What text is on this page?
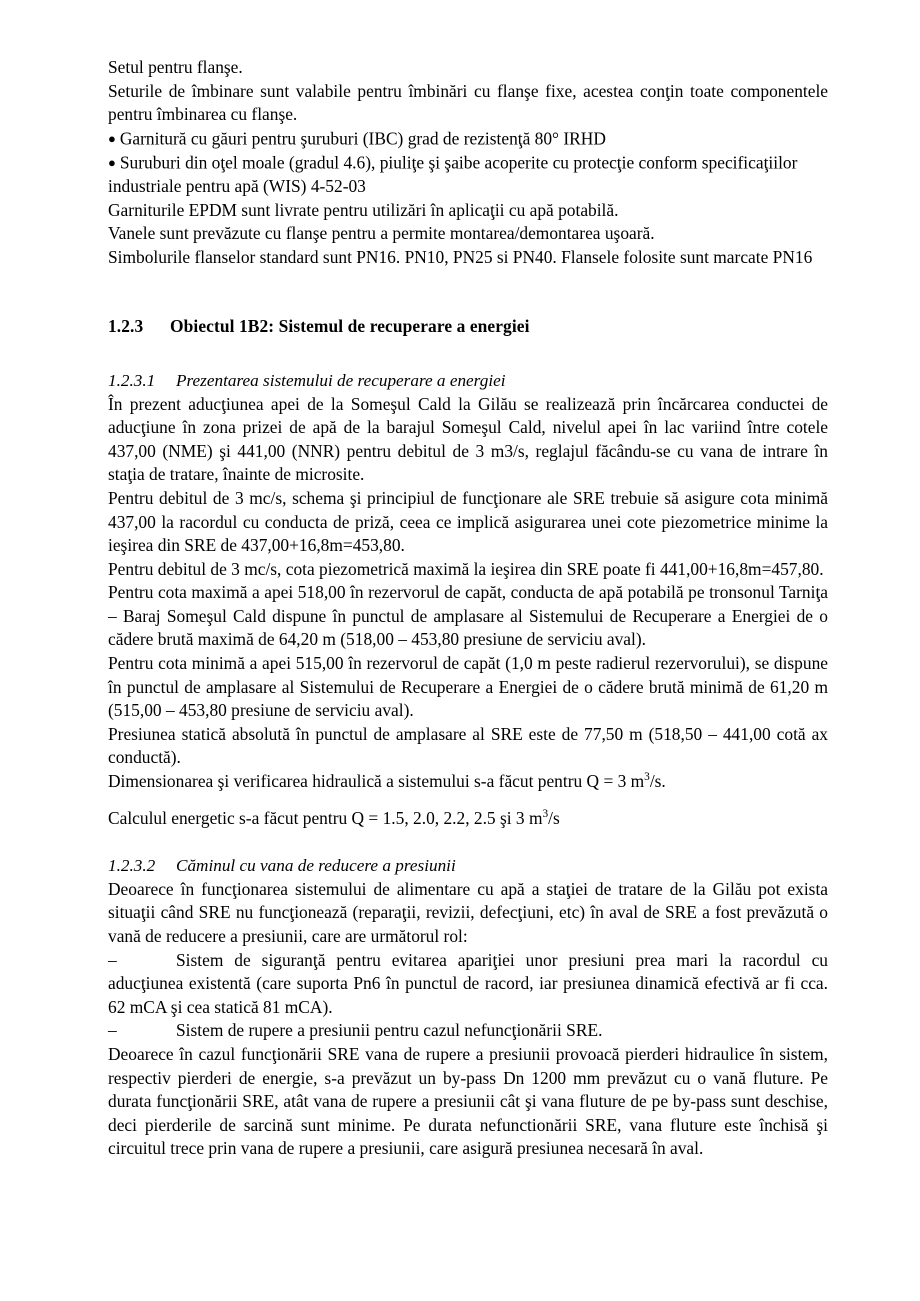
Setul pentru flanşe.

Seturile de îmbinare sunt valabile pentru îmbinări cu flanşe fixe, acestea conţin toate componentele pentru îmbinarea cu flanşe.

● Garnitură cu găuri pentru şuruburi (IBC) grad de rezistenţă 80° IRHD

● Suruburi din oţel moale (gradul 4.6), piuliţe şi şaibe acoperite cu protecţie conform specificaţiilor industriale pentru apă (WIS) 4-52-03

Garniturile EPDM sunt livrate pentru utilizări în aplicaţii cu apă potabilă.

Vanele sunt prevăzute cu flanşe pentru a permite montarea/demontarea uşoară.

Simbolurile flanselor standard sunt PN16. PN10, PN25 si PN40. Flansele folosite sunt marcate PN16

1.2.3 Obiectul 1B2: Sistemul de recuperare a energiei

1.2.3.1 Prezentarea sistemului de recuperare a energiei

În prezent aducţiunea apei de la Someşul Cald la Gilău se realizează prin încărcarea conductei de aducţiune în zona prizei de apă de la barajul Someşul Cald, nivelul apei în lac variind între cotele 437,00 (NME) şi 441,00 (NNR) pentru debitul de 3 m3/s, reglajul făcându-se cu vana de intrare în staţia de tratare, înainte de microsite.

Pentru debitul de 3 mc/s, schema şi principiul de funcţionare ale SRE trebuie să asigure cota minimă 437,00 la racordul cu conducta de priză, ceea ce implică asigurarea unei cote piezometrice minime la ieşirea din SRE de 437,00+16,8m=453,80.

Pentru debitul de 3 mc/s, cota piezometrică maximă la ieşirea din SRE poate fi 441,00+16,8m=457,80.

Pentru cota maximă a apei 518,00 în rezervorul de capăt, conducta de apă potabilă pe tronsonul Tarniţa – Baraj Someşul Cald dispune în punctul de amplasare al Sistemului de Recuperare a Energiei de o cădere brută maximă de 64,20 m (518,00 – 453,80 presiune de serviciu aval).

Pentru cota minimă a apei 515,00 în rezervorul de capăt (1,0 m peste radierul rezervorului), se dispune în punctul de amplasare al Sistemului de Recuperare a Energiei de o cădere brută minimă de 61,20 m (515,00 – 453,80 presiune de serviciu aval).

Presiunea statică absolută în punctul de amplasare al SRE este de 77,50 m (518,50 – 441,00 cotă ax conductă).

Dimensionarea şi verificarea hidraulică a sistemului s-a făcut pentru Q = 3 $m^3/s$.

Calculul energetic s-a făcut pentru Q = 1.5, 2.0, 2.2, 2.5 şi 3 $m^3/s$

1.2.3.2 Căminul cu vana de reducere a presiunii

Deoarece în funcţionarea sistemului de alimentare cu apă a staţiei de tratare de la Gilău pot exista situaţii când SRE nu funcţionează (reparaţii, revizii, defecţiuni, etc) în aval de SRE a fost prevăzută o vană de reducere a presiunii, care are următorul rol:

–	Sistem de siguranţă pentru evitarea apariţiei unor presiuni prea mari la racordul cu aducţiunea existentă (care suporta Pn6 în punctul de racord, iar presiunea dinamică efectivă ar fi cca. 62 mCA şi cea statică 81 mCA).

–	Sistem de rupere a presiunii pentru cazul nefuncţionării SRE.

Deoarece în cazul funcţionării SRE vana de rupere a presiunii provoacă pierderi hidraulice în sistem, respectiv pierderi de energie, s-a prevăzut un by-pass Dn 1200 mm prevăzut cu o vană fluture. Pe durata funcţionării SRE, atât vana de rupere a presiunii cât şi vana fluture de pe by-pass sunt deschise, deci pierderile de sarcină sunt minime. Pe durata nefunctionării SRE, vana fluture este închisă şi circuitul trece prin vana de rupere a presiunii, care asigură presiunea necesară în aval.
